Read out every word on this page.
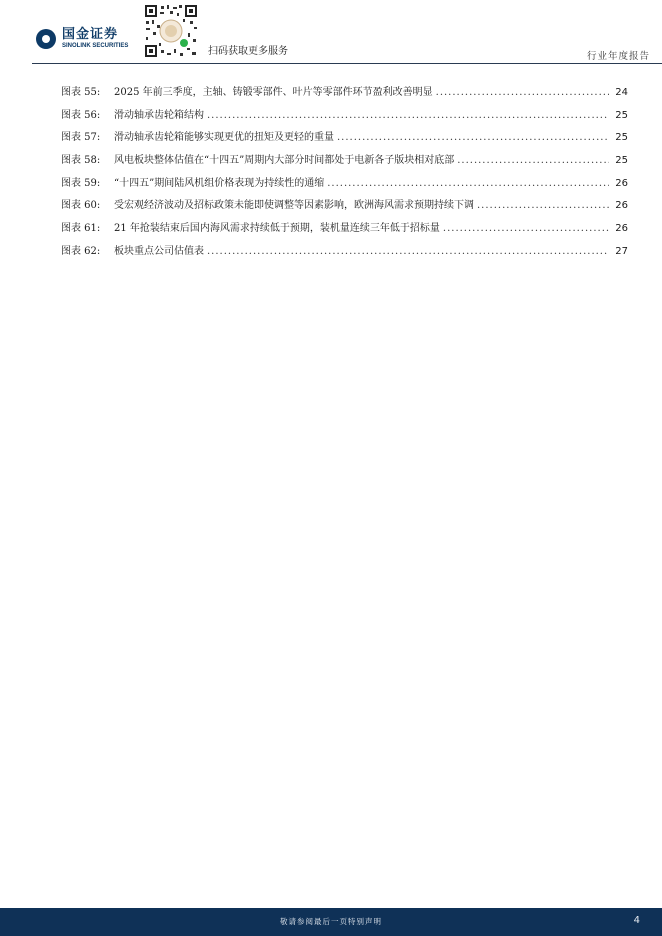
国金证券
SINOLINK SECURITIES	扫码获取更多服务	行业年度报告
图表 55:	2025 年前三季度，主轴、铸锻零部件、叶片等零部件环节盈利改善明显 .....	24
图表 56:	滑动轴承齿轮箱结构 .....	25
图表 57:	滑动轴承齿轮箱能够实现更优的扭矩及更轻的重量 .....	25
图表 58:	风电板块整体估值在“十四五”周期内大部分时间都处于电新各子版块相对底部 .....	25
图表 59:	“十四五”期间陆风机组价格表现为持续性的通缩 .....	26
图表 60:	受宏观经济波动及招标政策未能即使调整等因素影响，欧洲海风需求预期持续下调 .....	26
图表 61:	21 年抢装结束后国内海风需求持续低于预期，装机量连续三年低于招标量 .....	26
图表 62:	板块重点公司估值表 .....	27
敬请参阅最后一页特别声明	4
